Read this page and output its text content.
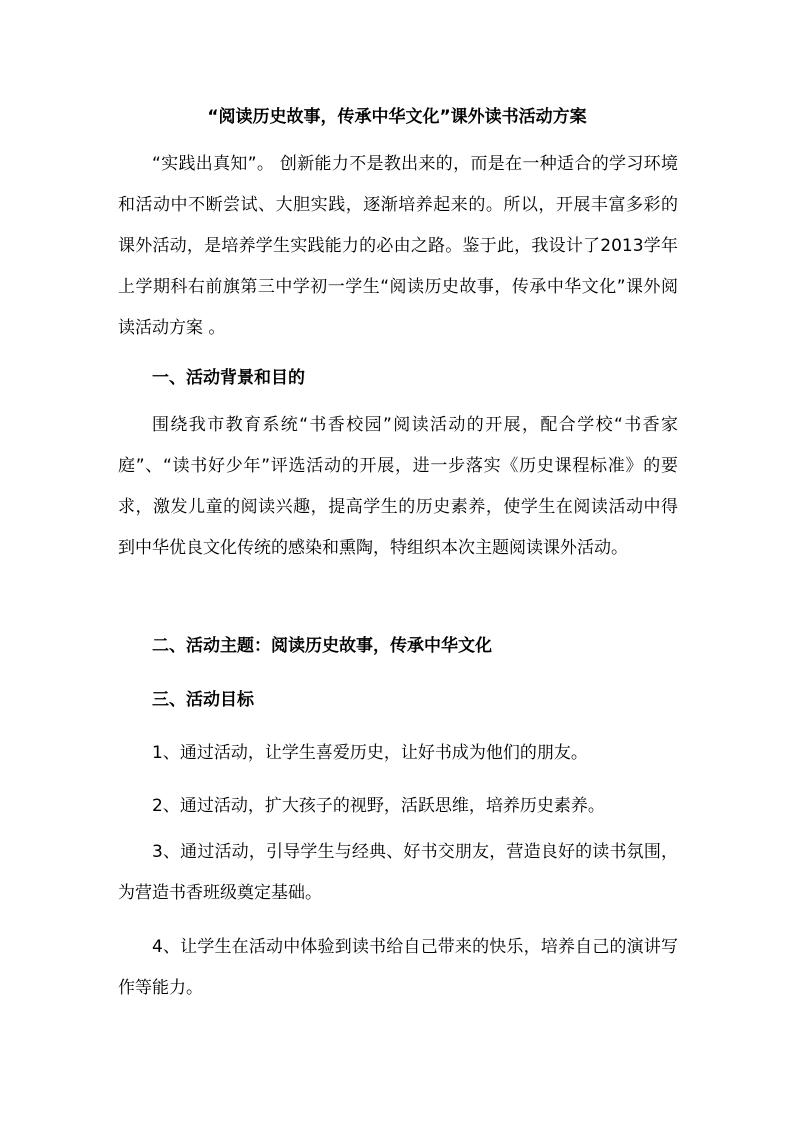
“阅读历史故事，传承中华文化”课外读书活动方案
“实践出真知”。 创新能力不是教出来的，而是在一种适合的学习环境和活动中不断尝试、大胆实践，逐渐培养起来的。所以，开展丰富多彩的课外活动，是培养学生实践能力的必由之路。鉴于此，我设计了2013学年上学期科右前旗第三中学初一学生“阅读历史故事，传承中华文化”课外阅读活动方案 。
一、活动背景和目的
围绕我市教育系统“书香校园”阅读活动的开展，配合学校“书香家庭”、“读书好少年”评选活动的开展，进一步落实《历史课程标准》的要求，激发儿童的阅读兴趣，提高学生的历史素养，使学生在阅读活动中得到中华优良文化传统的感染和熏陶，特组织本次主题阅读课外活动。
二、活动主题：阅读历史故事，传承中华文化
三、活动目标
1、通过活动，让学生喜爱历史，让好书成为他们的朋友。
2、通过活动，扩大孩子的视野，活跃思维，培养历史素养。
3、通过活动，引导学生与经典、好书交朋友，营造良好的读书氛围，为营造书香班级奠定基础。
4、让学生在活动中体验到读书给自己带来的快乐，培养自己的演讲写作等能力。
